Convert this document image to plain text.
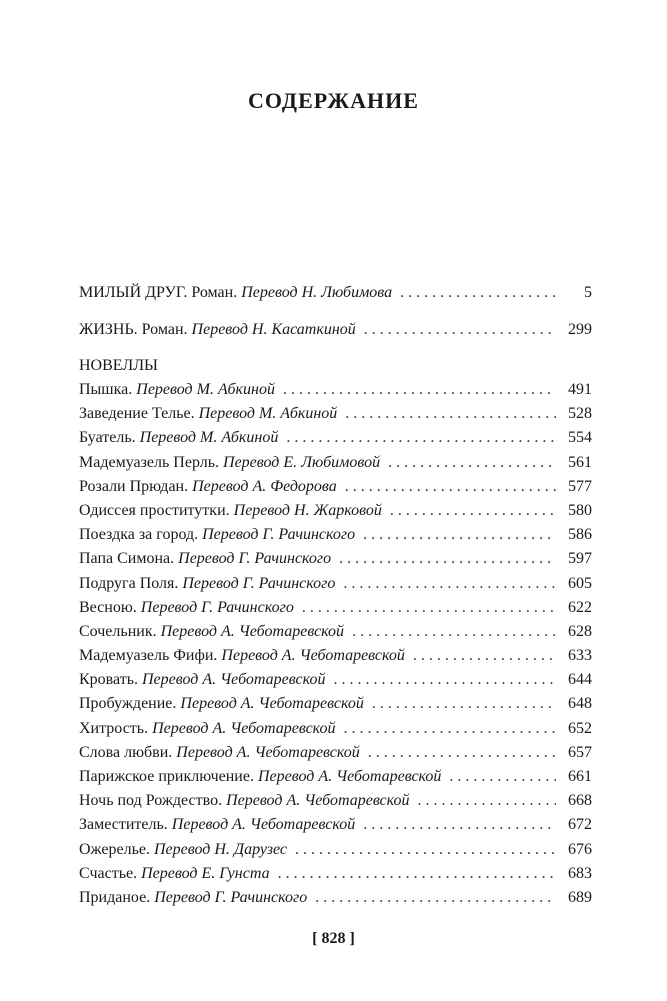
СОДЕРЖАНИЕ
МИЛЫЙ ДРУГ. Роман. Перевод Н. Любимова . . .	5
ЖИЗНЬ. Роман. Перевод Н. Касаткиной . . .	299
НОВЕЛЛЫ
Пышка. Перевод М. Абкиной . . .	491
Заведение Телье. Перевод М. Абкиной . . .	528
Буатель. Перевод М. Абкиной . . .	554
Мадемуазель Перль. Перевод Е. Любимовой . . .	561
Розали Прюдан. Перевод А. Федорова . . .	577
Одиссея проститутки. Перевод Н. Жарковой . . .	580
Поездка за город. Перевод Г. Рачинского . . .	586
Папа Симона. Перевод Г. Рачинского . . .	597
Подруга Поля. Перевод Г. Рачинского . . .	605
Весною. Перевод Г. Рачинского . . .	622
Сочельник. Перевод А. Чеботаревской . . .	628
Мадемуазель Фифи. Перевод А. Чеботаревской . . .	633
Кровать. Перевод А. Чеботаревской . . .	644
Пробуждение. Перевод А. Чеботаревской . . .	648
Хитрость. Перевод А. Чеботаревской . . .	652
Слова любви. Перевод А. Чеботаревской . . .	657
Парижское приключение. Перевод А. Чеботаревской . . .	661
Ночь под Рождество. Перевод А. Чеботаревской . . .	668
Заместитель. Перевод А. Чеботаревской . . .	672
Ожерелье. Перевод Н. Дарузес . . .	676
Счастье. Перевод Е. Гунста . . .	683
Приданое. Перевод Г. Рачинского . . .	689
[ 828 ]
